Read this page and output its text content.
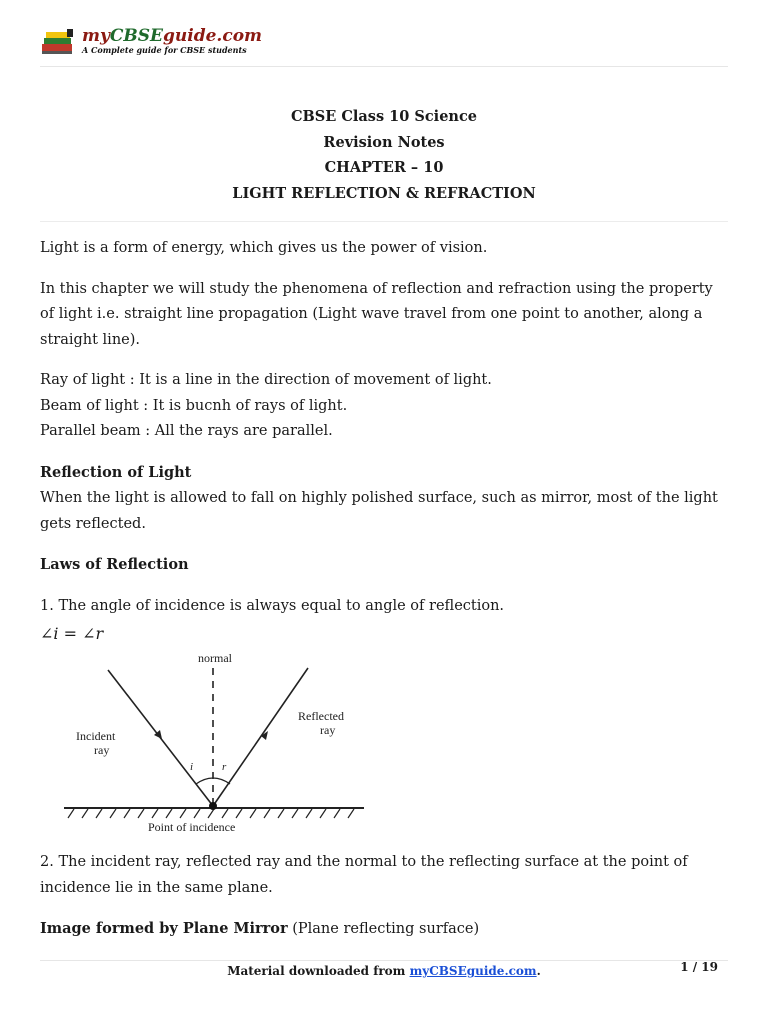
myCBSEguide.com
A Complete guide for CBSE students
CBSE Class 10 Science
Revision Notes
CHAPTER – 10
LIGHT REFLECTION & REFRACTION

Light is a form of energy, which gives us the power of vision.

In this chapter we will study the phenomena of reflection and refraction using the property of light i.e. straight line propagation (Light wave travel from one point to another, along a straight line).

Ray of light : It is a line in the direction of movement of light.
Beam of light : It is bucnh of rays of light.
Parallel beam : All the rays are parallel.

Reflection of Light
When the light is allowed to fall on highly polished surface, such as mirror, most of the light gets reflected.

Laws of Reflection

1. The angle of incidence is always equal to angle of reflection.

∠i = ∠r
normal
i	r
Incident
ray
Reflected
ray
Point of incidence

2. The incident ray, reflected ray and the normal to the reflecting surface at the point of incidence lie in the same plane.

Image formed by Plane Mirror (Plane reflecting surface)

Material downloaded from myCBSEguide.com.	1 / 19
